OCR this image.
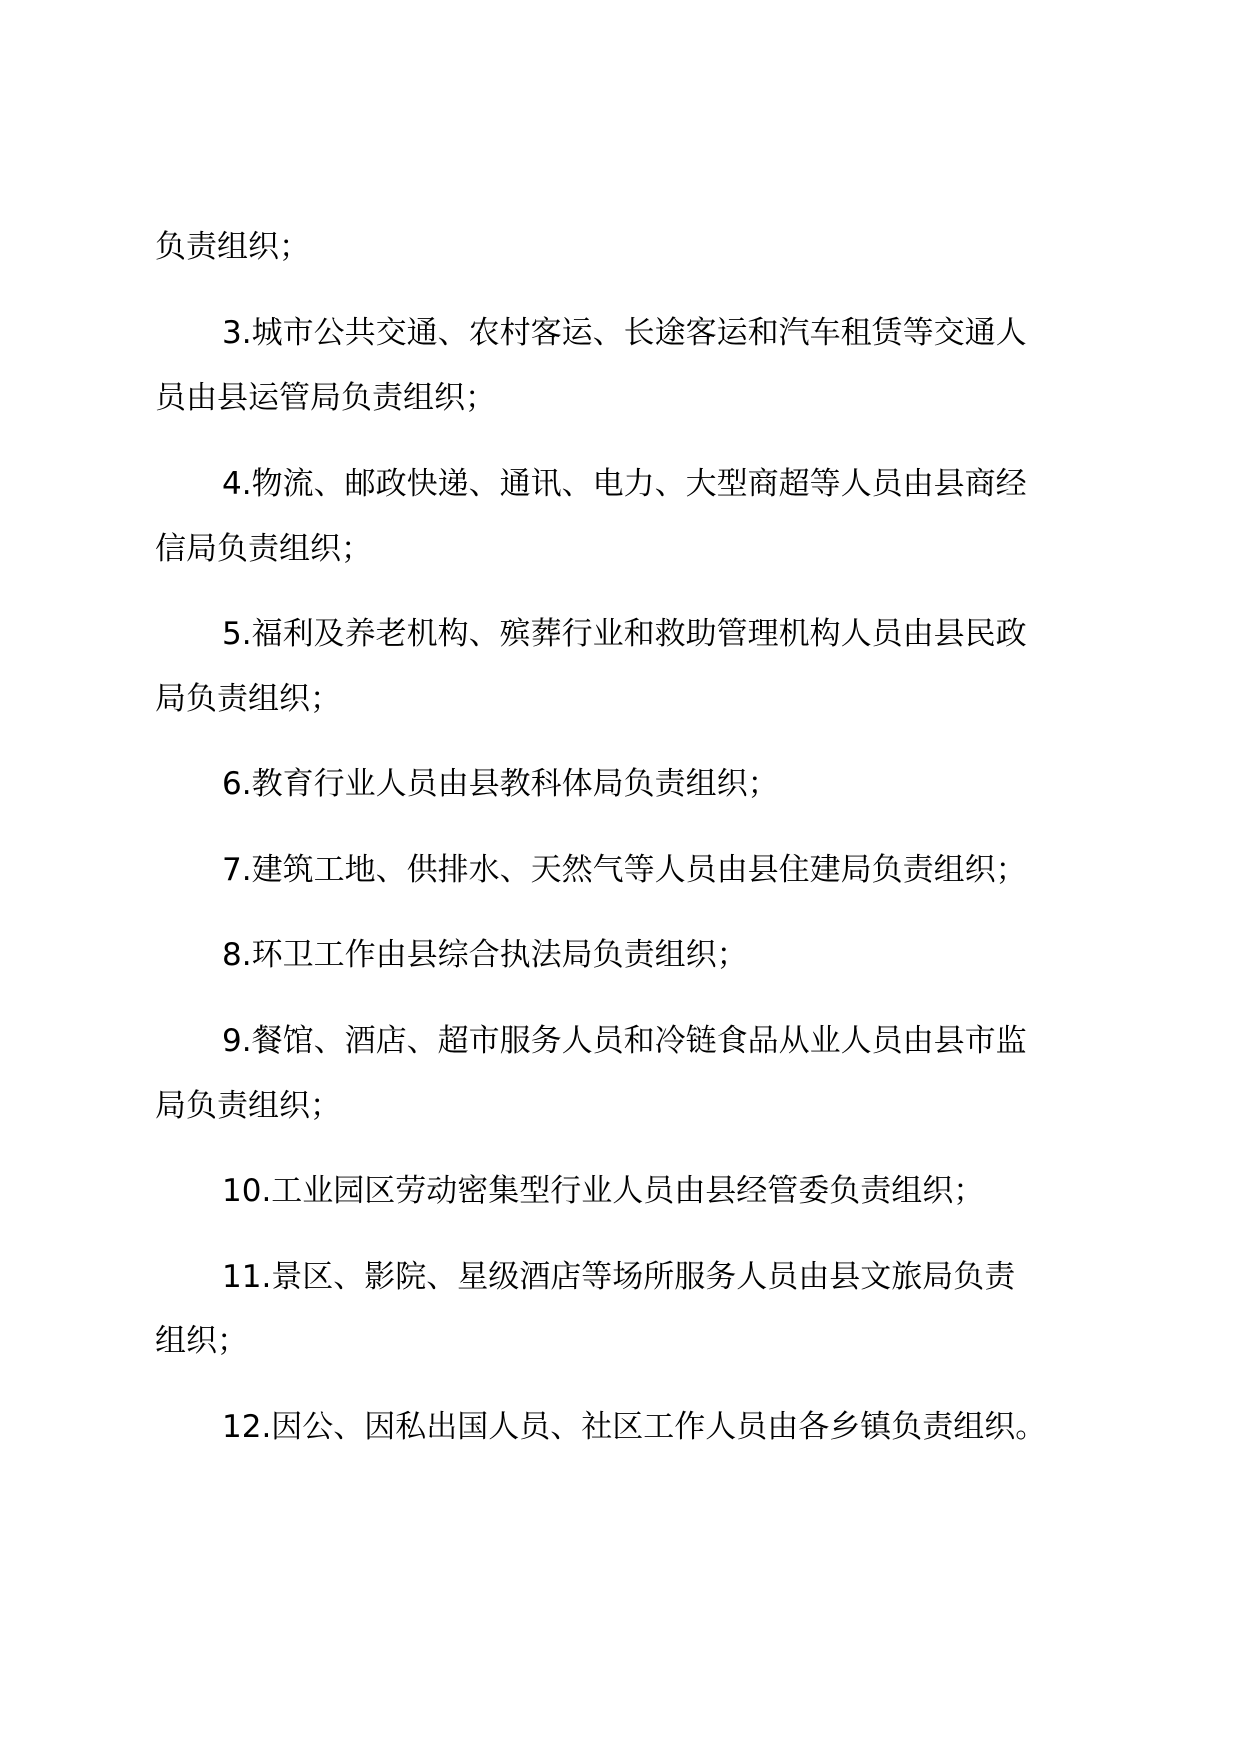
负责组织；
3.城市公共交通、农村客运、长途客运和汽车租赁等交通人
员由县运管局负责组织；
4.物流、邮政快递、通讯、电力、大型商超等人员由县商经
信局负责组织；
5.福利及养老机构、殡葬行业和救助管理机构人员由县民政
局负责组织；
6.教育行业人员由县教科体局负责组织；
7.建筑工地、供排水、天然气等人员由县住建局负责组织；
8.环卫工作由县综合执法局负责组织；
9.餐馆、酒店、超市服务人员和冷链食品从业人员由县市监
局负责组织；
10.工业园区劳动密集型行业人员由县经管委负责组织；
11.景区、影院、星级酒店等场所服务人员由县文旅局负责
组织；
12.因公、因私出国人员、社区工作人员由各乡镇负责组织。
